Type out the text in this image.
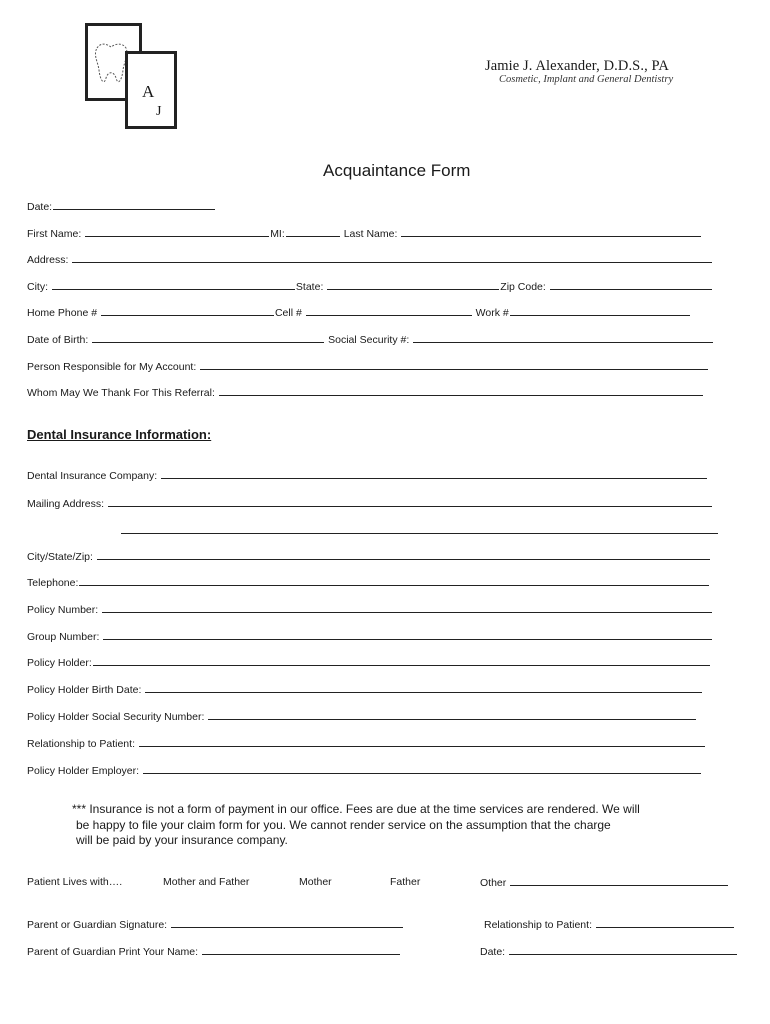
A
J
Jamie J. Alexander, D.D.S., PA
Cosmetic, Implant and General Dentistry
Acquaintance Form
Date:
First Name:	MI:	Last Name:
Address:
City:	State:	Zip Code:
Home Phone #	Cell #	Work #
Date of Birth:	Social Security #:
Person Responsible for My Account:
Whom May We Thank For This Referral:
Dental Insurance Information:
Dental Insurance Company:
Mailing Address:
City/State/Zip:
Telephone:
Policy Number:
Group Number:
Policy Holder:
Policy Holder Birth Date:
Policy Holder Social Security Number:
Relationship to Patient:
Policy Holder Employer:
*** Insurance is not a form of payment in our office. Fees are due at the time services are rendered. We will
be happy to file your claim form for you. We cannot render service on the assumption that the charge
will be paid by your insurance company.
Patient Lives with….	Mother and Father	Mother	Father	Other
Parent or Guardian Signature:	Relationship to Patient:
Parent of Guardian Print Your Name:	Date:
